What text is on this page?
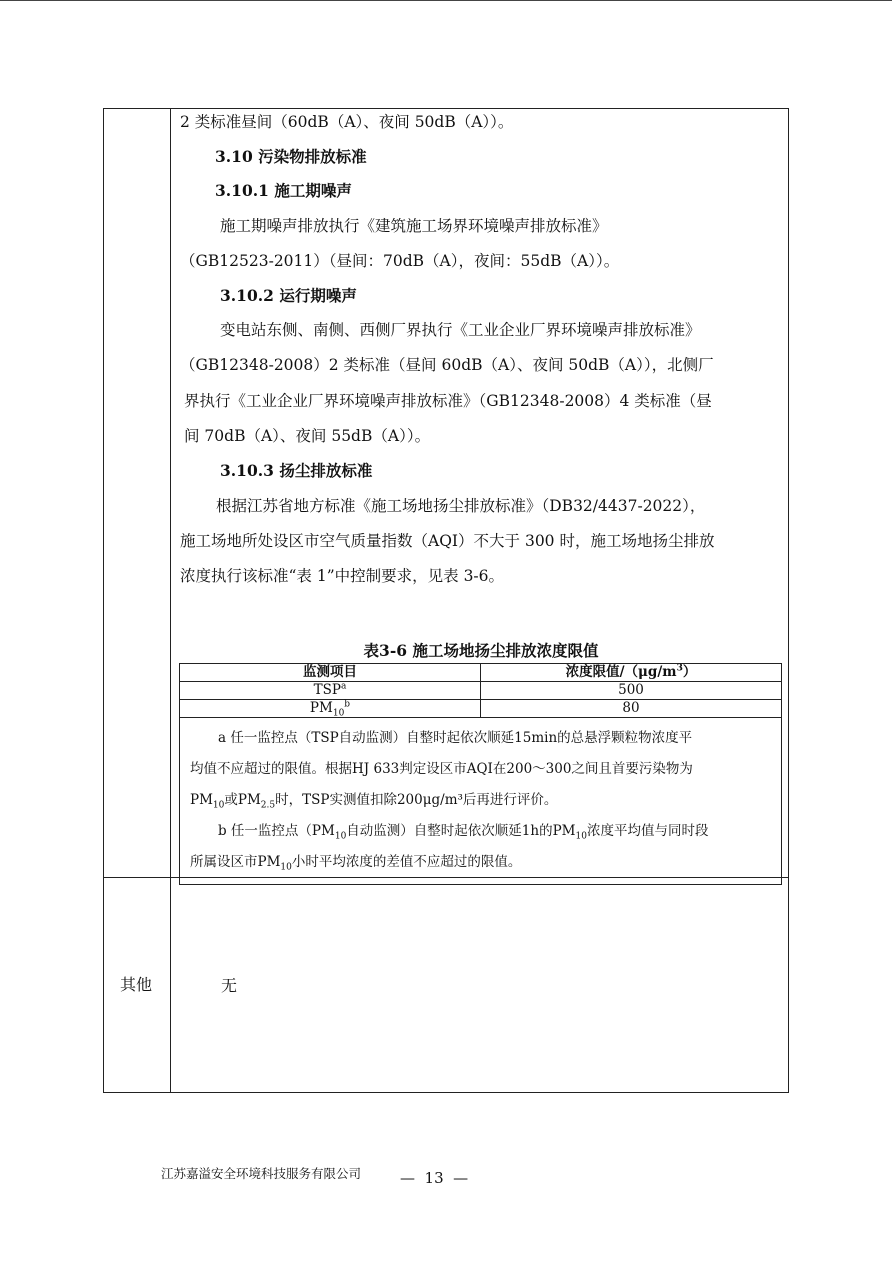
2 类标准昼间（60dB（A）、夜间 50dB（A））。
3.10 污染物排放标准
3.10.1 施工期噪声
施工期噪声排放执行《建筑施工场界环境噪声排放标准》
（GB12523-2011）（昼间：70dB（A），夜间：55dB（A））。
3.10.2 运行期噪声
变电站东侧、南侧、西侧厂界执行《工业企业厂界环境噪声排放标准》
（GB12348-2008）2 类标准（昼间 60dB（A）、夜间 50dB（A）），北侧厂
界执行《工业企业厂界环境噪声排放标准》（GB12348-2008）4 类标准（昼
间 70dB（A）、夜间 55dB（A））。
3.10.3 扬尘排放标准
根据江苏省地方标准《施工场地扬尘排放标准》（DB32/4437-2022），
施工场地所处设区市空气质量指数（AQI）不大于 300 时，施工场地扬尘排放
浓度执行该标准“表 1”中控制要求，见表 3-6。
表3-6 施工场地扬尘排放浓度限值
监测项目	浓度限值$/(\mu g/m^3)$
TSP$^a$	500
$PM_{10}^b$	80

a 任一监控点（TSP自动监测）自整时起依次顺延15min的总悬浮颗粒物浓度平
均值不应超过的限值。根据HJ 633判定设区市AQI在200～300之间且首要污染物为
$PM_{10}$或$PM_{2.5}$时，TSP实测值扣除200μg/m³后再进行评价。
b 任一监控点（$PM_{10}$自动监测）自整时起依次顺延1h的$PM_{10}$浓度平均值与同时段
所属设区市$PM_{10}$小时平均浓度的差值不应超过的限值。	
其他	无
江苏嘉溢安全环境科技服务有限公司	—  13  —
